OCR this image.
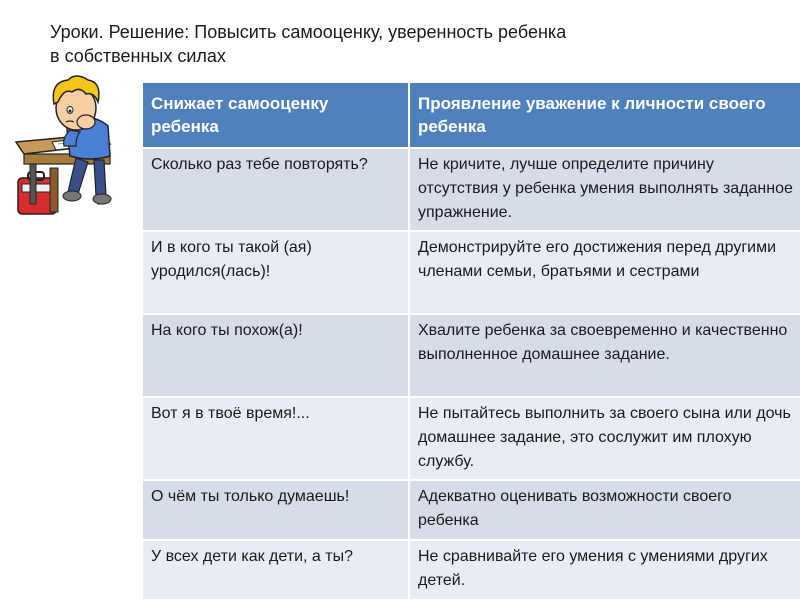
Уроки. Решение: Повысить самооценку, уверенность ребенка
в собственных силах
Снижает самооценку ребенка	Проявление уважение к личности своего ребенка
Сколько раз тебе повторять?	Не кричите, лучше определите причину отсутствия у ребенка умения выполнять заданное упражнение.
И в кого ты такой (ая) уродился(лась)!	Демонстрируйте его достижения перед другими членами семьи, братьями и сестрами
На кого ты похож(а)!	Хвалите ребенка за своевременно и качественно выполненное домашнее задание.
Вот я в твоё время!...	Не пытайтесь выполнить за своего сына или дочь домашнее задание, это сослужит им плохую службу.
О чём ты только думаешь!	Адекватно оценивать возможности своего ребенка
У всех дети как дети, а ты?	Не сравнивайте его умения с умениями других детей.
